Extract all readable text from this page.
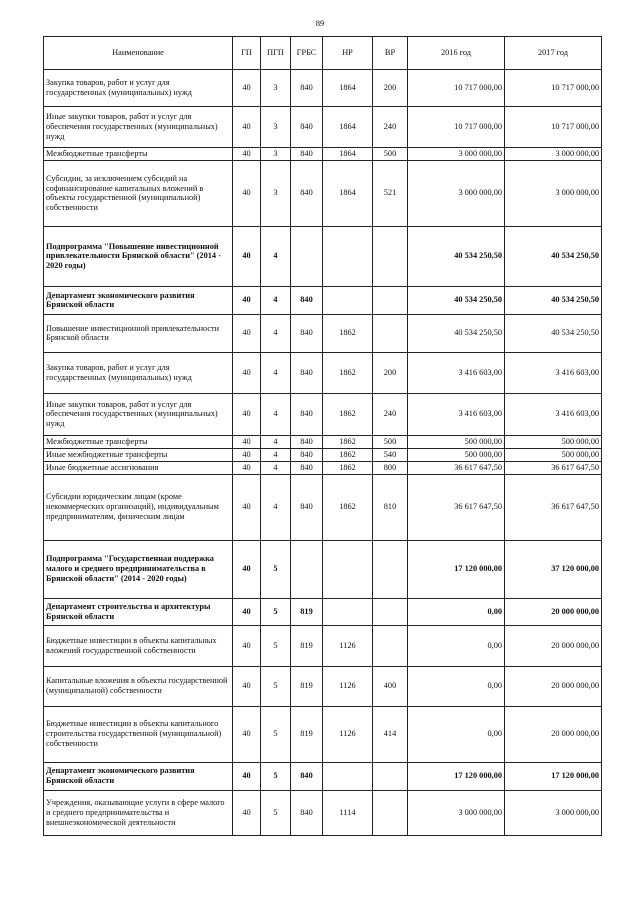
89
Наименование	ГП	ПГП	ГРБС	НР	ВР	2016 год	2017 год
Закупка товаров, работ и услуг для государственных (муниципальных) нужд	40	3	840	1864	200	10 717 000,00	10 717 000,00
Иные закупки товаров, работ и услуг для обеспечения государственных (муниципальных) нужд	40	3	840	1864	240	10 717 000,00	10 717 000,00
Межбюджетные трансферты	40	3	840	1864	500	3 000 000,00	3 000 000,00
Субсидии, за исключением субсидий на софинансирование капитальных вложений в объекты государственной (муниципальной) собственности	40	3	840	1864	521	3 000 000,00	3 000 000,00
Подпрограмма "Повышение инвестиционной привлекательности Брянской области" (2014 - 2020 годы)	40	4				40 534 250,50	40 534 250,50
Департамент экономического развития Брянской области	40	4	840			40 534 250,50	40 534 250,50
Повышение инвестиционной привлекательности Брянской области	40	4	840	1862		40 534 250,50	40 534 250,50
Закупка товаров, работ и услуг для государственных (муниципальных) нужд	40	4	840	1862	200	3 416 603,00	3 416 603,00
Иные закупки товаров, работ и услуг для обеспечения государственных (муниципальных) нужд	40	4	840	1862	240	3 416 603,00	3 416 603,00
Межбюджетные трансферты	40	4	840	1862	500	500 000,00	500 000,00
Иные межбюджетные трансферты	40	4	840	1862	540	500 000,00	500 000,00
Иные бюджетные ассигнования	40	4	840	1862	800	36 617 647,50	36 617 647,50
Субсидии юридическим лицам (кроме некоммерческих организаций), индивидуальным предпринимателям, физическим лицам	40	4	840	1862	810	36 617 647,50	36 617 647,50
Подпрограмма "Государственная поддержка малого и среднего предпринимательства в Брянской области" (2014 - 2020 годы)	40	5				17 120 000,00	37 120 000,00
Департамент строительства и архитектуры Брянской области	40	5	819			0,00	20 000 000,00
Бюджетные инвестиции в объекты капитальных вложений государственной собственности	40	5	819	1126		0,00	20 000 000,00
Капитальные вложения в объекты государственной (муниципальной) собственности	40	5	819	1126	400	0,00	20 000 000,00
Бюджетные инвестиции в объекты капитального строительства государственной (муниципальной) собственности	40	5	819	1126	414	0,00	20 000 000,00
Департамент экономического развития Брянской области	40	5	840			17 120 000,00	17 120 000,00
Учреждения, оказывающие услуги в сфере малого и среднего предпринимательства и внешнеэкономической деятельности	40	5	840	1114		3 000 000,00	3 000 000,00
